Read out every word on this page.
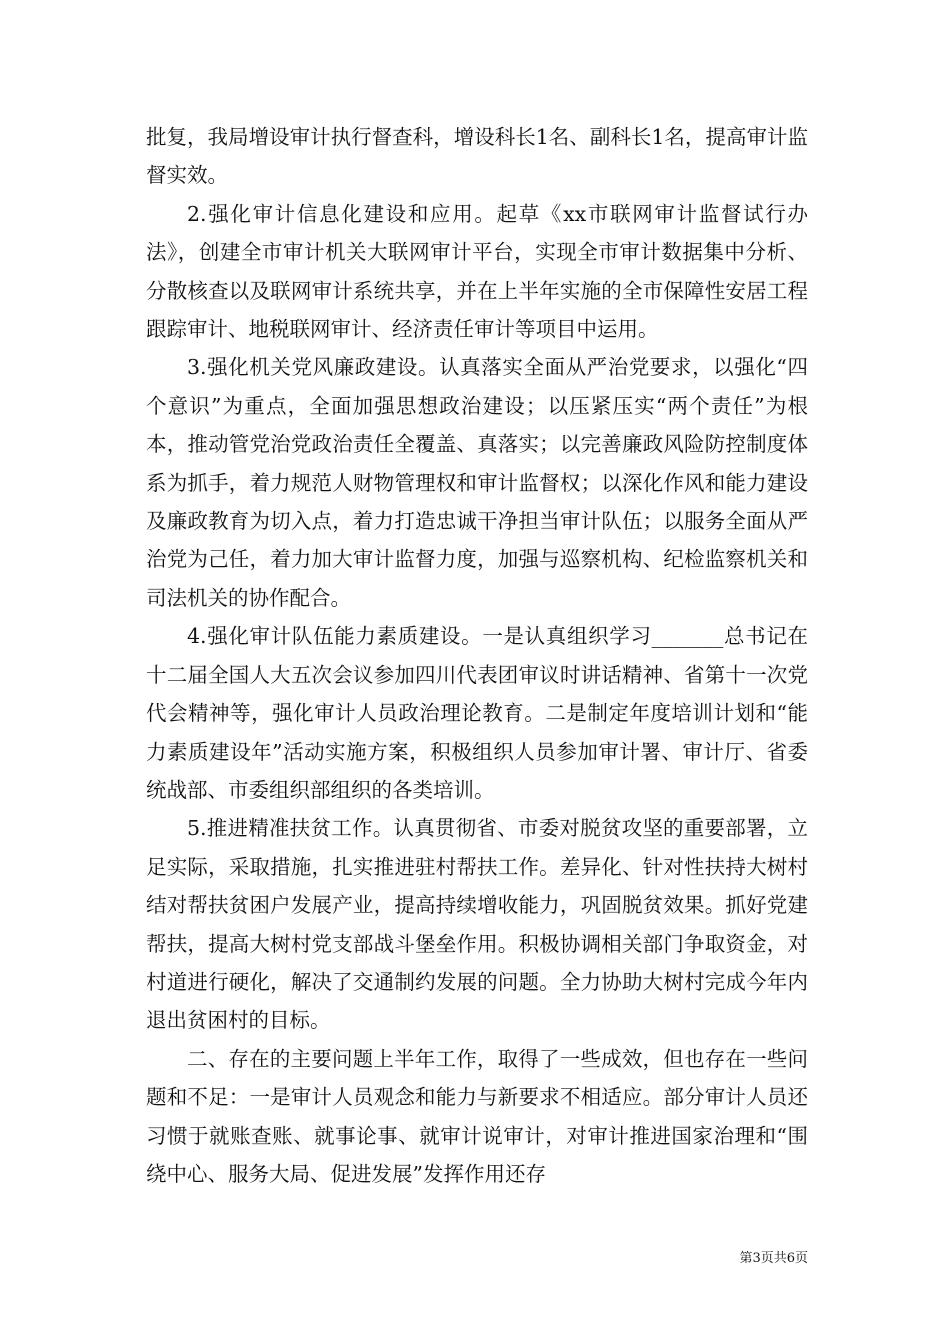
批复，我局增设审计执行督查科，增设科长1名、副科长1名，提高审计监督实效。

2.强化审计信息化建设和应用。起草《xx市联网审计监督试行办法》，创建全市审计机关大联网审计平台，实现全市审计数据集中分析、分散核查以及联网审计系统共享，并在上半年实施的全市保障性安居工程跟踪审计、地税联网审计、经济责任审计等项目中运用。

3.强化机关党风廉政建设。认真落实全面从严治党要求，以强化“四个意识”为重点，全面加强思想政治建设；以压紧压实“两个责任”为根本，推动管党治党政治责任全覆盖、真落实；以完善廉政风险防控制度体系为抓手，着力规范人财物管理权和审计监督权；以深化作风和能力建设及廉政教育为切入点，着力打造忠诚干净担当审计队伍；以服务全面从严治党为己任，着力加大审计监督力度，加强与巡察机构、纪检监察机关和司法机关的协作配合。

4.强化审计队伍能力素质建设。一是认真组织学习_______总书记在十二届全国人大五次会议参加四川代表团审议时讲话精神、省第十一次党代会精神等，强化审计人员政治理论教育。二是制定年度培训计划和“能力素质建设年”活动实施方案，积极组织人员参加审计署、审计厅、省委统战部、市委组织部组织的各类培训。

5.推进精准扶贫工作。认真贯彻省、市委对脱贫攻坚的重要部署，立足实际，采取措施，扎实推进驻村帮扶工作。差异化、针对性扶持大树村结对帮扶贫困户发展产业，提高持续增收能力，巩固脱贫效果。抓好党建帮扶，提高大树村党支部战斗堡垒作用。积极协调相关部门争取资金，对村道进行硬化，解决了交通制约发展的问题。全力协助大树村完成今年内退出贫困村的目标。

二、存在的主要问题上半年工作，取得了一些成效，但也存在一些问题和不足：一是审计人员观念和能力与新要求不相适应。部分审计人员还习惯于就账查账、就事论事、就审计说审计，对审计推进国家治理和“围绕中心、服务大局、促进发展”发挥作用还存

第3页共6页
